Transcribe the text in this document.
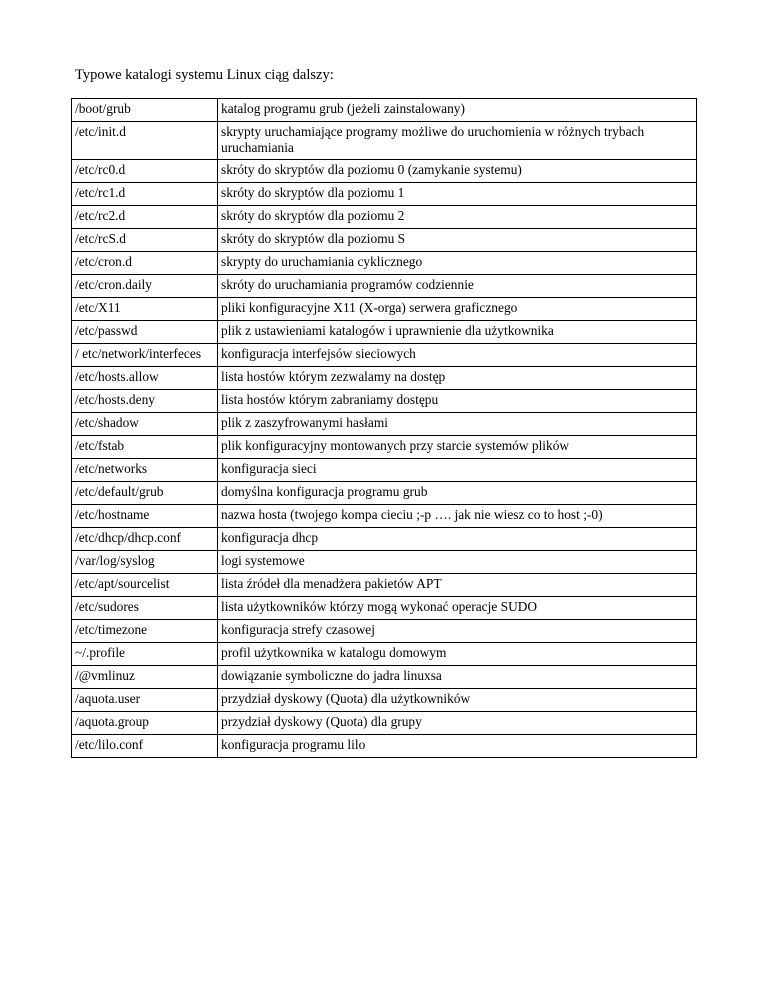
Typowe katalogi systemu Linux ciąg dalszy:

/boot/grub	katalog programu grub (jeżeli zainstalowany)
/etc/init.d	skrypty uruchamiające programy możliwe do uruchomienia w różnych trybach uruchamiania
/etc/rc0.d	skróty do skryptów dla poziomu 0 (zamykanie systemu)
/etc/rc1.d	skróty do skryptów dla poziomu 1
/etc/rc2.d	skróty do skryptów dla poziomu 2
/etc/rcS.d	skróty do skryptów dla poziomu S
/etc/cron.d	skrypty do uruchamiania cyklicznego
/etc/cron.daily	skróty do uruchamiania programów codziennie
/etc/X11	pliki konfiguracyjne X11 (X-orga) serwera graficznego
/etc/passwd	plik z ustawieniami katalogów i uprawnienie dla użytkownika
/ etc/network/interfeces	konfiguracja interfejsów sieciowych
/etc/hosts.allow	lista hostów którym zezwalamy na dostęp
/etc/hosts.deny	lista hostów którym zabraniamy dostępu
/etc/shadow	plik z zaszyfrowanymi hasłami
/etc/fstab	plik konfiguracyjny montowanych przy starcie systemów plików
/etc/networks	konfiguracja sieci
/etc/default/grub	domyślna konfiguracja programu grub
/etc/hostname	nazwa hosta (twojego kompa cieciu ;-p …. jak nie wiesz co to host ;-0)
/etc/dhcp/dhcp.conf	konfiguracja dhcp
/var/log/syslog	logi systemowe
/etc/apt/sourcelist	lista źródeł dla menadżera pakietów APT
/etc/sudores	lista użytkowników którzy mogą wykonać operacje SUDO
/etc/timezone	konfiguracja strefy czasowej
~/.profile	profil użytkownika w katalogu domowym
/@vmlinuz	dowiązanie symboliczne do jadra linuxsa
/aquota.user	przydział dyskowy (Quota) dla użytkowników
/aquota.group	przydział dyskowy (Quota) dla grupy
/etc/lilo.conf	konfiguracja programu lilo
